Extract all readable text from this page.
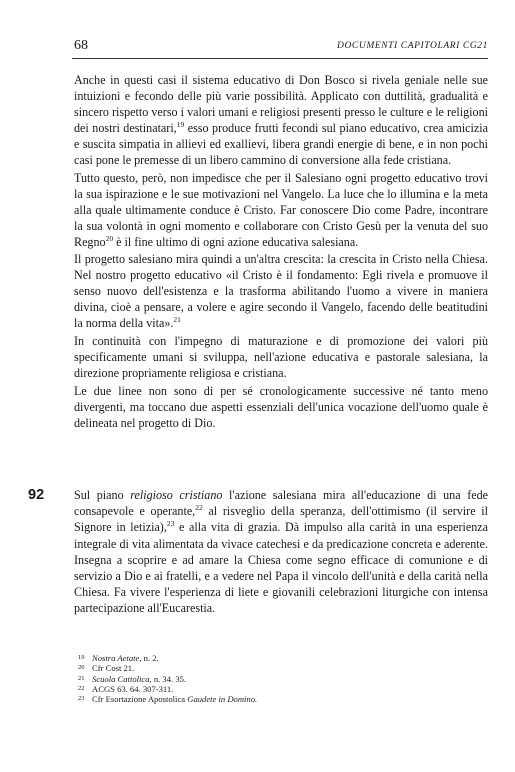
68	DOCUMENTI CAPITOLARI CG21

Anche in questi casi il sistema educativo di Don Bosco si rivela geniale nelle sue intuizioni e fecondo delle più varie possibilità. Applicato con duttilità, gradualità e sincero rispetto verso i valori umani e religiosi presenti presso le culture e le religioni dei nostri destinatari,$^{19}$ esso produce frutti fecondi sul piano educativo, crea amicizia e suscita simpatia in allievi ed exallievi, libera grandi energie di bene, e in non pochi casi pone le premesse di un libero cammino di conversione alla fede cristiana.

Tutto questo, però, non impedisce che per il Salesiano ogni progetto educativo trovi la sua ispirazione e le sue motivazioni nel Vangelo. La luce che lo illumina e la meta alla quale ultimamente conduce è Cristo. Far conoscere Dio come Padre, incontrare la sua volontà in ogni momento e collaborare con Cristo Gesù per la venuta del suo Regno$^{20}$ è il fine ultimo di ogni azione educativa salesiana.

Il progetto salesiano mira quindi a un'altra crescita: la crescita in Cristo nella Chiesa. Nel nostro progetto educativo «il Cristo è il fondamento: Egli rivela e promuove il senso nuovo dell'esistenza e la trasforma abilitando l'uomo a vivere in maniera divina, cioè a pensare, a volere e agire secondo il Vangelo, facendo delle beatitudini la norma della vita».$^{21}$

In continuità con l'impegno di maturazione e di promozione dei valori più specificamente umani si sviluppa, nell'azione educativa e pastorale salesiana, la direzione propriamente religiosa e cristiana.

Le due linee non sono di per sé cronologicamente successive né tanto meno divergenti, ma toccano due aspetti essenziali dell'unica vocazione dell'uomo quale è delineata nel progetto di Dio.

92 Sul piano religioso cristiano l'azione salesiana mira all'educazione di una fede consapevole e operante,$^{22}$ al risveglio della speranza, dell'ottimismo (il servire il Signore in letizia),$^{23}$ e alla vita di grazia. Dà impulso alla carità in una esperienza integrale di vita alimentata da vivace catechesi e da predicazione concreta e aderente. Insegna a scoprire e ad amare la Chiesa come segno efficace di comunione e di servizio a Dio e ai fratelli, e a vedere nel Papa il vincolo dell'unità e della carità nella Chiesa. Fa vivere l'esperienza di liete e giovanili celebrazioni liturgiche con intensa partecipazione all'Eucarestia.
19 Nostra Aetate, n. 2.
20 Cfr Cost 21.
21 Scuola Cattolica, n. 34. 35.
22 ACGS 63. 64. 307-311.
23 Cfr Esortazione Apostolica Gaudete in Domino.
